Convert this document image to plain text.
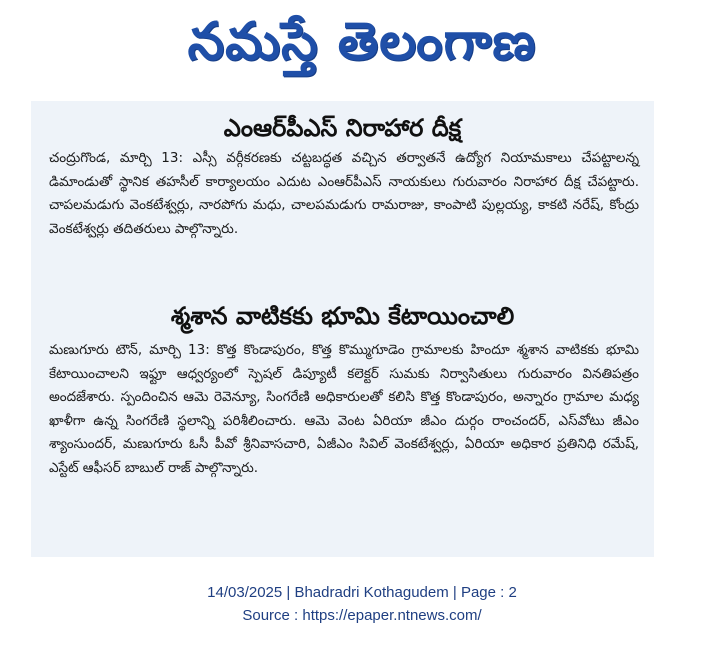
నమస్తే తెలంగాణ
ఎంఆర్‌పీఎస్‌ నిరాహార దీక్ష

చంద్రుగొండ, మార్చి 13: ఎస్సీ వర్గీకరణకు చట్టబద్ధత వచ్చిన తర్వాతనే ఉద్యోగ నియామకాలు చేపట్టాలన్న డిమాండుతో స్థానిక తహసీల్‌ కార్యాలయం ఎదుట ఎంఆర్‌పీఎస్‌ నాయకులు గురువారం నిరాహార దీక్ష చేపట్టారు. చాపలమడుగు వెంకటేశ్వర్లు, నారపోగు మధు, చాలపమడుగు రామరాజు, కాంపాటి పుల్లయ్య, కాకటి నరేష్‌, కోంద్రు వెంకటేశ్వర్లు తదితరులు పాల్గొన్నారు.

శ్మశాన వాటికకు భూమి కేటాయించాలి

మణుగూరు టౌన్‌, మార్చి 13: కొత్త కొండాపురం, కొత్త కొమ్ముగూడెం గ్రామాలకు హిందూ శ్మశాన వాటికకు భూమి కేటాయించాలని ఇఫ్టూ ఆధ్వర్యంలో స్పెషల్‌ డిప్యూటీ కలెక్టర్‌ సుమకు నిర్వాసితులు గురువారం వినతిపత్రం అందజేశారు. స్పందించిన ఆమె రెవెన్యూ, సింగరేణి అధికారులతో కలిసి కొత్త కొండాపురం, అన్నారం గ్రామాల మధ్య ఖాళీగా ఉన్న సింగరేణి స్థలాన్ని పరిశీలించారు. ఆమె వెంట ఏరియా జీఎం దుర్గం రాంచందర్‌, ఎస్‌వోటు జీఎం శ్యాంసుందర్‌, మణుగూరు ఓసీ పీవో శ్రీనివాసచారి, ఏజీఎం సివిల్‌ వెంకటేశ్వర్లు, ఏరియా అధికార ప్రతినిధి రమేష్‌, ఎస్టేట్‌ ఆఫీసర్‌ బాబుల్‌ రాజ్‌ పాల్గొన్నారు.

14/03/2025 | Bhadradri Kothagudem | Page : 2
Source : https://epaper.ntnews.com/
